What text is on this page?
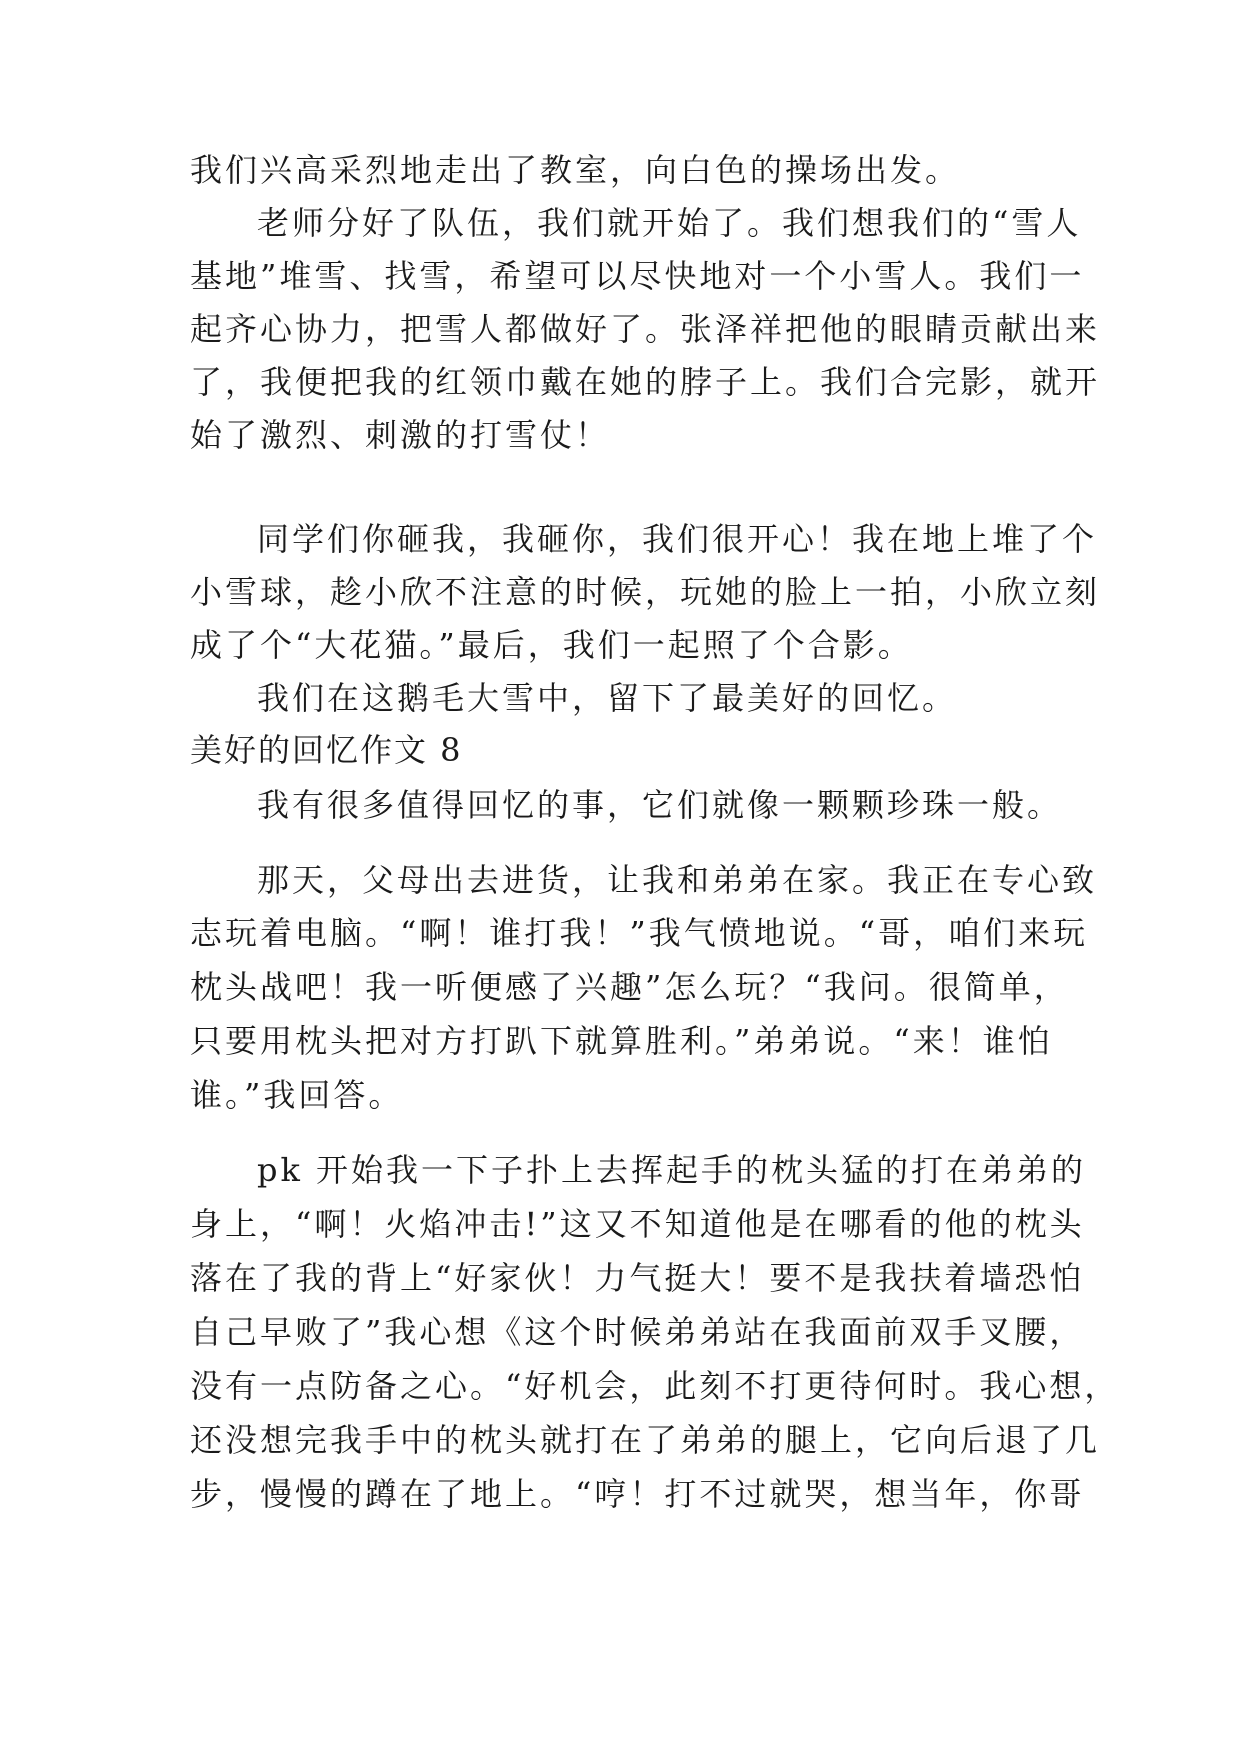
我们兴高采烈地走出了教室，向白色的操场出发。
老师分好了队伍，我们就开始了。我们想我们的“雪人
基地”堆雪、找雪，希望可以尽快地对一个小雪人。我们一
起齐心协力，把雪人都做好了。张泽祥把他的眼睛贡献出来
了，我便把我的红领巾戴在她的脖子上。我们合完影，就开
始了激烈、刺激的打雪仗！
同学们你砸我，我砸你，我们很开心！我在地上堆了个
小雪球，趁小欣不注意的时候，玩她的脸上一拍，小欣立刻
成了个“大花猫。”最后，我们一起照了个合影。
我们在这鹅毛大雪中，留下了最美好的回忆。
美好的回忆作文 8
我有很多值得回忆的事，它们就像一颗颗珍珠一般。
那天，父母出去进货，让我和弟弟在家。我正在专心致
志玩着电脑。“啊！谁打我！”我气愤地说。“哥，咱们来玩
枕头战吧！我一听便感了兴趣”怎么玩？“我问。很简单，
只要用枕头把对方打趴下就算胜利。”弟弟说。“来！谁怕
谁。”我回答。
pk 开始我一下子扑上去挥起手的枕头猛的打在弟弟的
身上，“啊！火焰冲击!”这又不知道他是在哪看的他的枕头
落在了我的背上“好家伙！力气挺大！要不是我扶着墙恐怕
自己早败了”我心想《这个时候弟弟站在我面前双手叉腰，
没有一点防备之心。“好机会，此刻不打更待何时。我心想，
还没想完我手中的枕头就打在了弟弟的腿上，它向后退了几
步，慢慢的蹲在了地上。“哼！打不过就哭，想当年，你哥
